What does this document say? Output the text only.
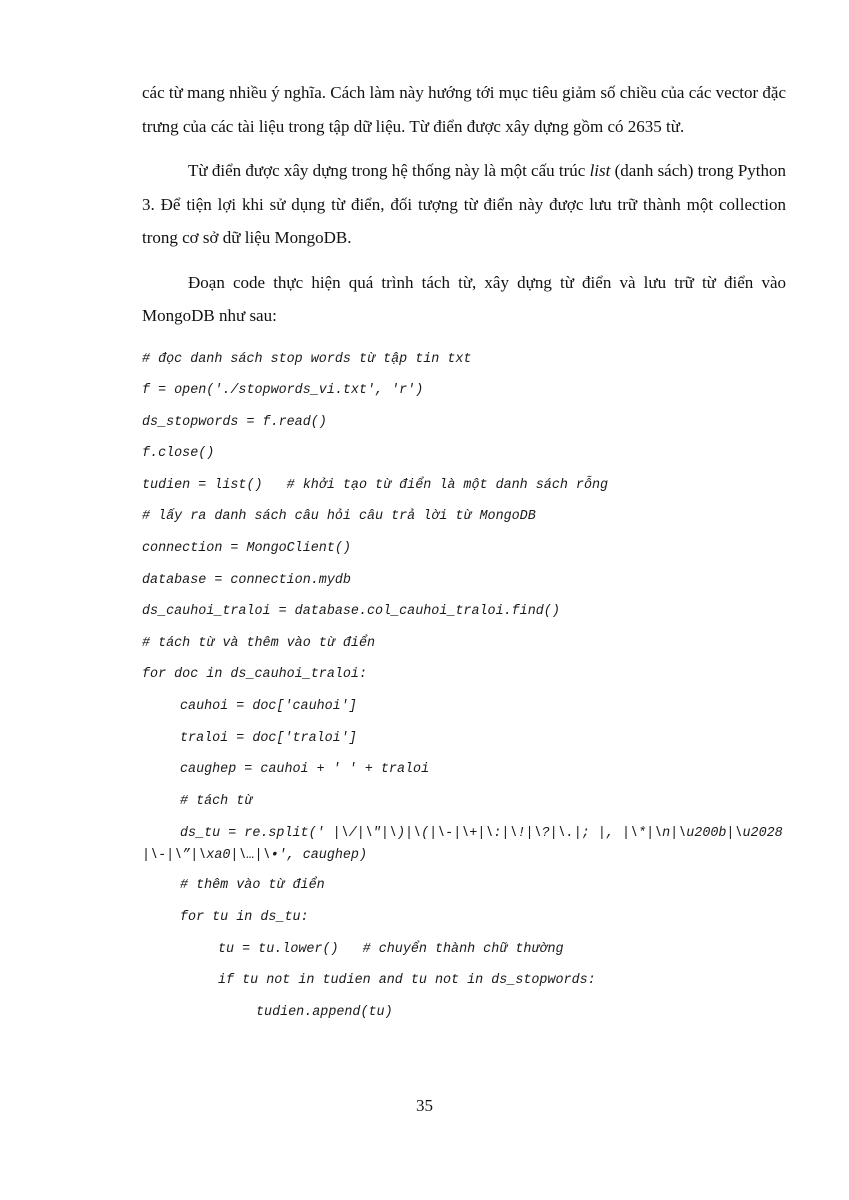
các từ mang nhiều ý nghĩa. Cách làm này hướng tới mục tiêu giảm số chiều của các vector đặc trưng của các tài liệu trong tập dữ liệu. Từ điển được xây dựng gồm có 2635 từ.

Từ điển được xây dựng trong hệ thống này là một cấu trúc list (danh sách) trong Python 3. Để tiện lợi khi sử dụng từ điển, đối tượng từ điển này được lưu trữ thành một collection trong cơ sở dữ liệu MongoDB.

Đoạn code thực hiện quá trình tách từ, xây dựng từ điển và lưu trữ từ điển vào MongoDB như sau:

# đọc danh sách stop words từ tập tin txt
f = open('./stopwords_vi.txt', 'r')
ds_stopwords = f.read()
f.close()
tudien = list()   # khởi tạo từ điển là một danh sách rỗng
# lấy ra danh sách câu hỏi câu trả lời từ MongoDB
connection = MongoClient()
database = connection.mydb
ds_cauhoi_traloi = database.col_cauhoi_traloi.find()
# tách từ và thêm vào từ điển
for doc in ds_cauhoi_traloi:
cauhoi = doc['cauhoi']
traloi = doc['traloi']
caughep = cauhoi + ' ' + traloi
# tách từ
ds_tu = re.split(' |\/|\"|\)|\(|\-|\+|\:|\!|\?|\.|; |, |\*|\n|\u200b|\u2028|\-|\”|\xa0|\…|\•', caughep)
# thêm vào từ điển
for tu in ds_tu:
tu = tu.lower()   # chuyển thành chữ thường
if tu not in tudien and tu not in ds_stopwords:
tudien.append(tu)
35
